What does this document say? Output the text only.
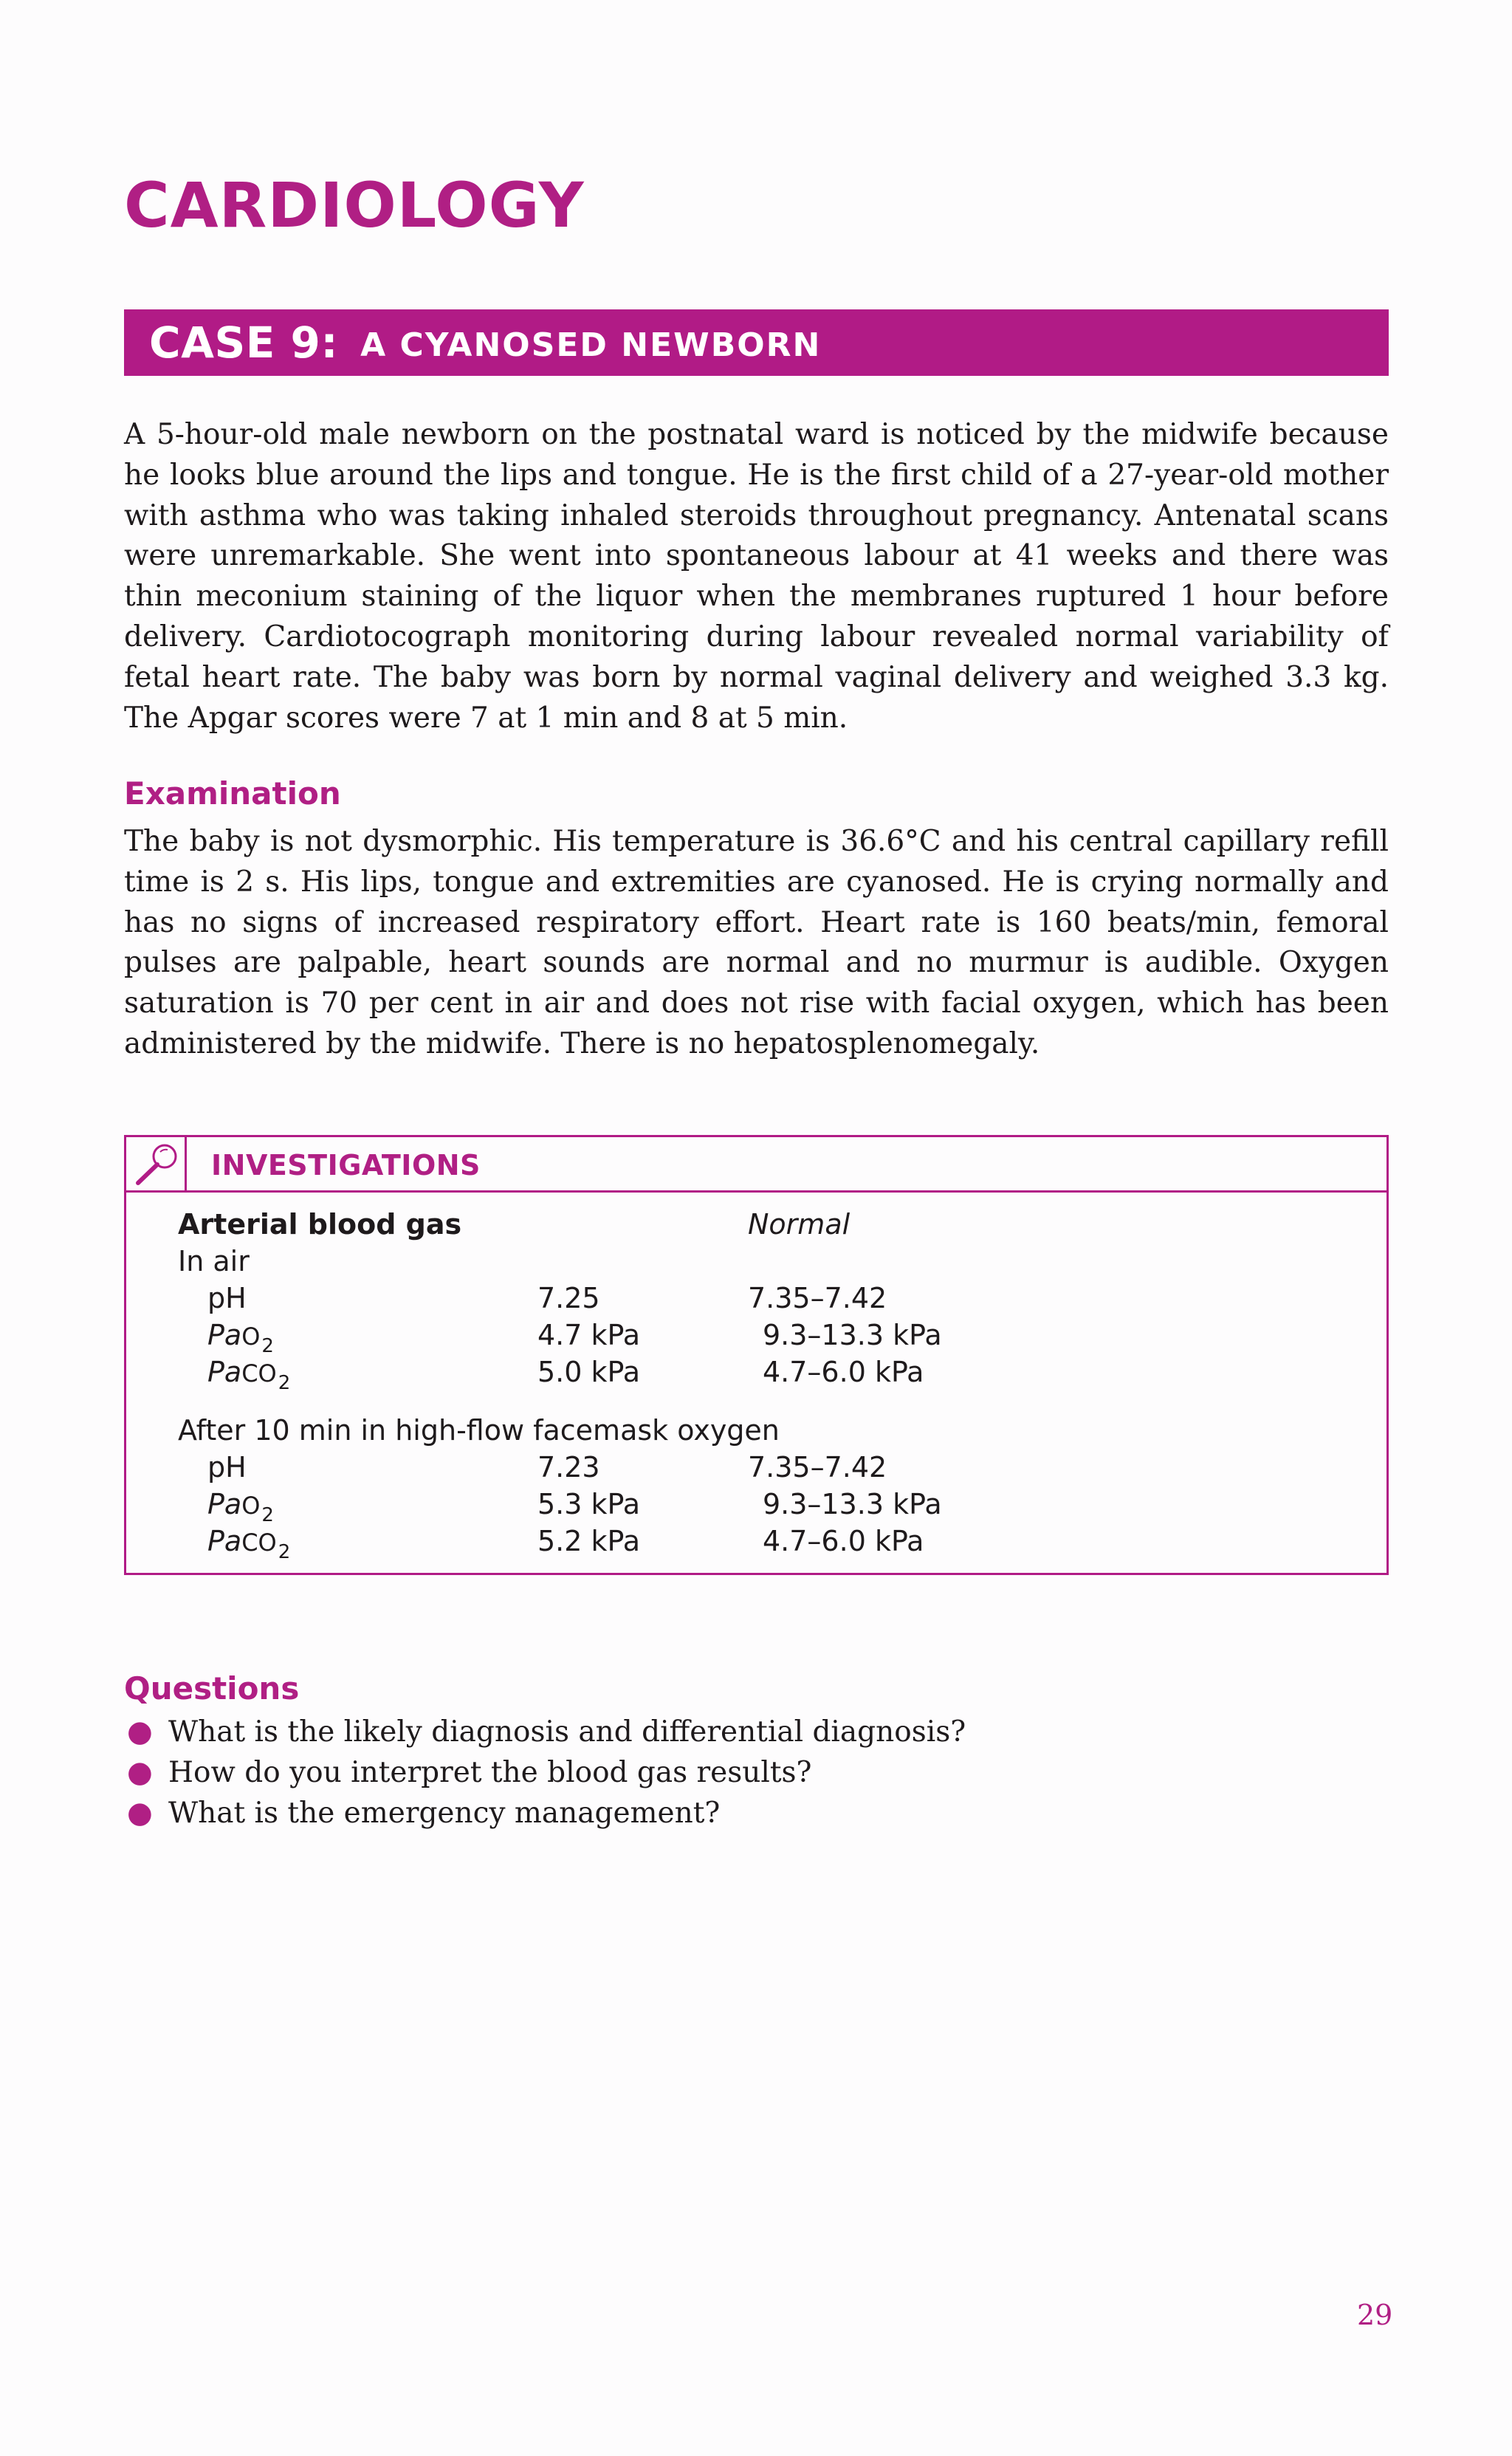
CARDIOLOGY
CASE 9: A CYANOSED NEWBORN

A 5-hour-old male newborn on the postnatal ward is noticed by the midwife because he looks blue around the lips and tongue. He is the first child of a 27-year-old mother with asthma who was taking inhaled steroids throughout pregnancy. Antenatal scans were unremarkable. She went into spontaneous labour at 41 weeks and there was thin meconium staining of the liquor when the membranes ruptured 1 hour before delivery. Cardiotocograph monitoring during labour revealed normal variability of fetal heart rate. The baby was born by normal vaginal delivery and weighed 3.3 kg. The Apgar scores were 7 at 1 min and 8 at 5 min.

Examination

The baby is not dysmorphic. His temperature is 36.6°C and his central capillary refill time is 2 s. His lips, tongue and extremities are cyanosed. He is crying normally and has no signs of increased respiratory effort. Heart rate is 160 beats/min, femoral pulses are palpable, heart sounds are normal and no murmur is audible. Oxygen saturation is 70 per cent in air and does not rise with facial oxygen, which has been administered by the midwife. There is no hepatosplenomegaly.

INVESTIGATIONS
Arterial blood gas	Normal
In air
pH	7.25	7.35–7.42
PaO$_2$	4.7 kPa	9.3–13.3 kPa
PaCO$_2$	5.0 kPa	4.7–6.0 kPa
After 10 min in high-flow facemask oxygen
pH	7.23	7.35–7.42
PaO$_2$	5.3 kPa	9.3–13.3 kPa
PaCO$_2$	5.2 kPa	4.7–6.0 kPa
Questions
● What is the likely diagnosis and differential diagnosis?
● How do you interpret the blood gas results?
● What is the emergency management?
29
